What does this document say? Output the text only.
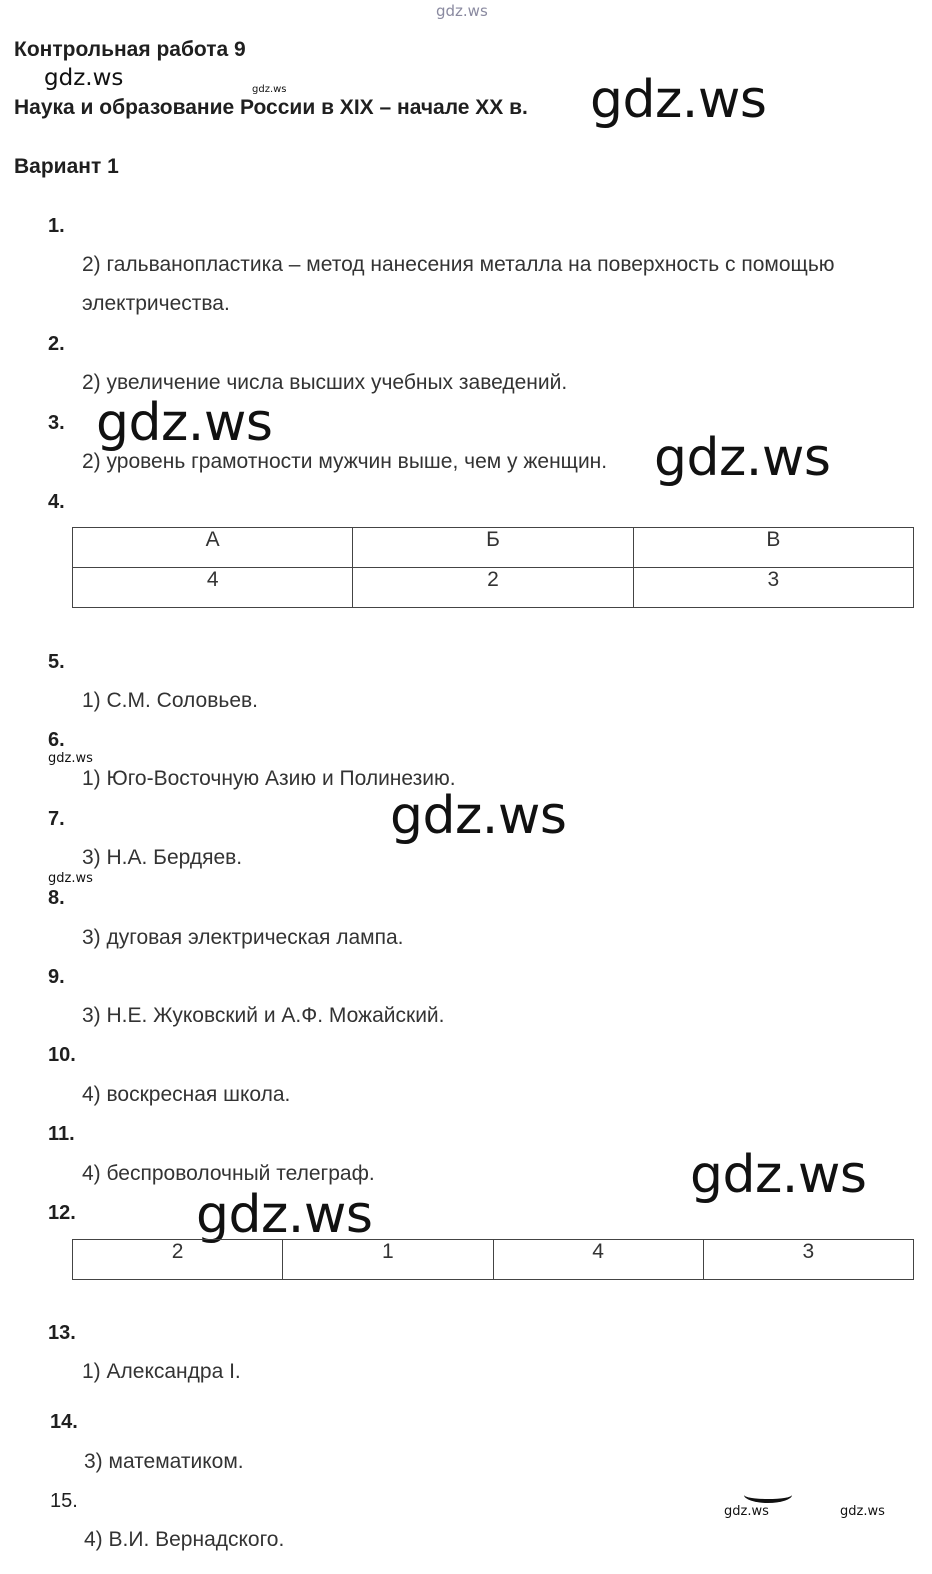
gdz.ws
gdz.ws	gdz.ws	gdz.ws
gdz.ws
gdz.ws
gdz.ws
gdz.ws
gdz.ws
gdz.ws
gdz.ws
gdz.ws	gdz.ws
Контрольная работа 9
Наука и образование России в XIX – начале XX в.
Вариант 1
1.
2) гальванопластика – метод нанесения металла на поверхность с помощью
электричества.
2.
2) увеличение числа высших учебных заведений.
3.
2) уровень грамотности мужчин выше, чем у женщин.
4.
А	Б	В
4	2	3
5.
1) С.М. Соловьев.
6.
1) Юго-Восточную Азию и Полинезию.
7.
3) Н.А. Бердяев.
8.
3) дуговая электрическая лампа.
9.
3) Н.Е. Жуковский и А.Ф. Можайский.
10.
4) воскресная школа.
11.
4) беспроволочный телеграф.
12.
2	1	4	3
13.
1) Александра I.
14.
3) математиком.
15.
4) В.И. Вернадского.
